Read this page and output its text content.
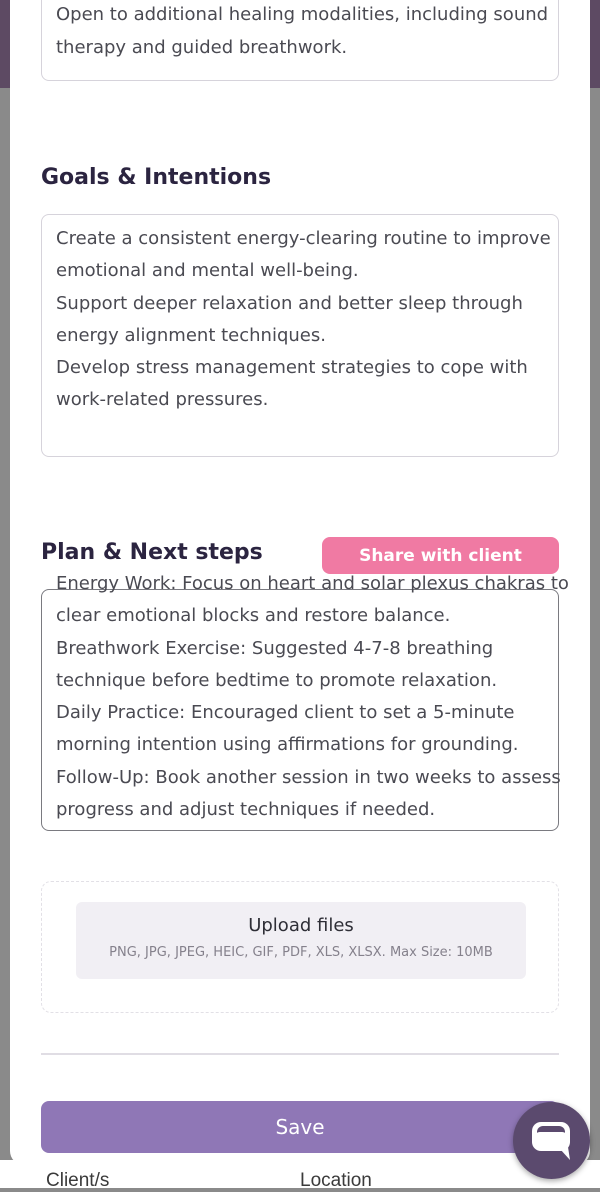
Client/s	Location
Open to additional healing modalities, including sound
therapy and guided breathwork.
Goals & Intentions
Create a consistent energy-clearing routine to improve
emotional and mental well-being.
Support deeper relaxation and better sleep through
energy alignment techniques.
Develop stress management strategies to cope with
work-related pressures.
Plan & Next steps	Share with client
Energy Work: Focus on heart and solar plexus chakras to
clear emotional blocks and restore balance.
Breathwork Exercise: Suggested 4-7-8 breathing
technique before bedtime to promote relaxation.
Daily Practice: Encouraged client to set a 5-minute
morning intention using affirmations for grounding.
Follow-Up: Book another session in two weeks to assess
progress and adjust techniques if needed.
Upload files
PNG, JPG, JPEG, HEIC, GIF, PDF, XLS, XLSX. Max Size: 10MB
Save
